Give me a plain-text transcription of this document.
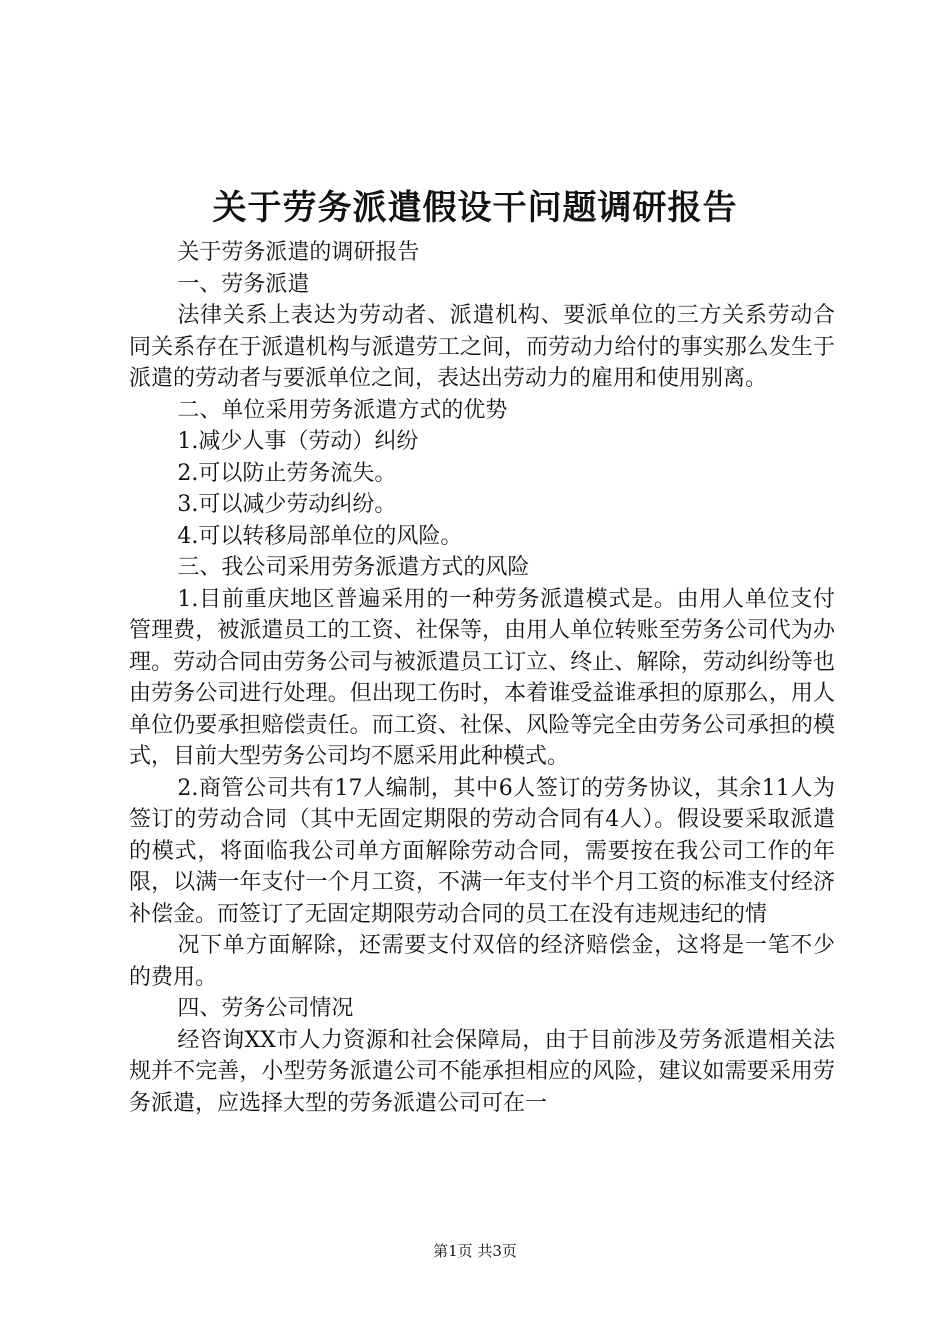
关于劳务派遣假设干问题调研报告

关于劳务派遣的调研报告

一、劳务派遣

法律关系上表达为劳动者、派遣机构、要派单位的三方关系劳动合同关系存在于派遣机构与派遣劳工之间，而劳动力给付的事实那么发生于派遣的劳动者与要派单位之间，表达出劳动力的雇用和使用别离。

二、单位采用劳务派遣方式的优势

1.减少人事（劳动）纠纷

2.可以防止劳务流失。

3.可以减少劳动纠纷。

4.可以转移局部单位的风险。

三、我公司采用劳务派遣方式的风险

1.目前重庆地区普遍采用的一种劳务派遣模式是。由用人单位支付管理费，被派遣员工的工资、社保等，由用人单位转账至劳务公司代为办理。劳动合同由劳务公司与被派遣员工订立、终止、解除，劳动纠纷等也由劳务公司进行处理。但出现工伤时，本着谁受益谁承担的原那么，用人单位仍要承担赔偿责任。而工资、社保、风险等完全由劳务公司承担的模式，目前大型劳务公司均不愿采用此种模式。

2.商管公司共有17人编制，其中6人签订的劳务协议，其余11人为签订的劳动合同（其中无固定期限的劳动合同有4人）。假设要采取派遣的模式，将面临我公司单方面解除劳动合同，需要按在我公司工作的年限，以满一年支付一个月工资，不满一年支付半个月工资的标准支付经济补偿金。而签订了无固定期限劳动合同的员工在没有违规违纪的情

况下单方面解除，还需要支付双倍的经济赔偿金，这将是一笔不少的费用。

四、劳务公司情况

经咨询XX市人力资源和社会保障局，由于目前涉及劳务派遣相关法规并不完善，小型劳务派遣公司不能承担相应的风险，建议如需要采用劳务派遣，应选择大型的劳务派遣公司可在一

第1页 共3页
